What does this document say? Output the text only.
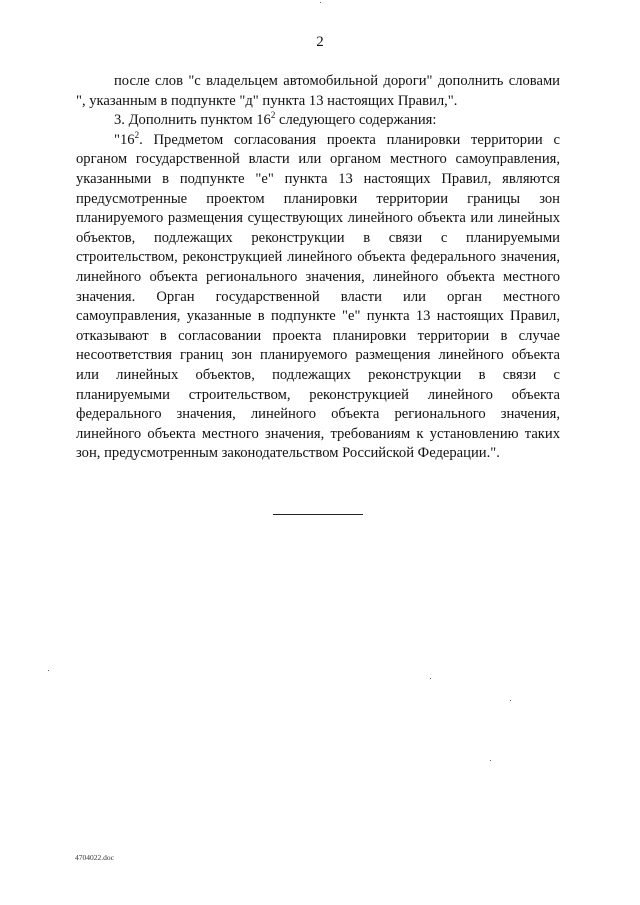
2

после слов "с владельцем автомобильной дороги" дополнить словами

", указанным в подпункте "д" пункта 13 настоящих Правил,".

3. Дополнить пунктом $16^2$ следующего содержания:

"$16^2$. Предметом согласования проекта планировки территории с органом государственной власти или органом местного самоуправления, указанными в подпункте "е" пункта 13 настоящих Правил, являются предусмотренные проектом планировки территории границы зон планируемого размещения существующих линейного объекта или линейных объектов, подлежащих реконструкции в связи с планируемыми строительством, реконструкцией линейного объекта федерального значения, линейного объекта регионального значения, линейного объекта местного значения. Орган государственной власти или орган местного самоуправления, указанные в подпункте "е" пункта 13 настоящих Правил, отказывают в согласовании проекта планировки территории в случае несоответствия границ зон планируемого размещения линейного объекта или линейных объектов, подлежащих реконструкции в связи с планируемыми строительством, реконструкцией линейного объекта федерального значения, линейного объекта регионального значения, линейного объекта местного значения, требованиям к установлению таких зон, предусмотренным законодательством Российской Федерации.".

4704022.doc
